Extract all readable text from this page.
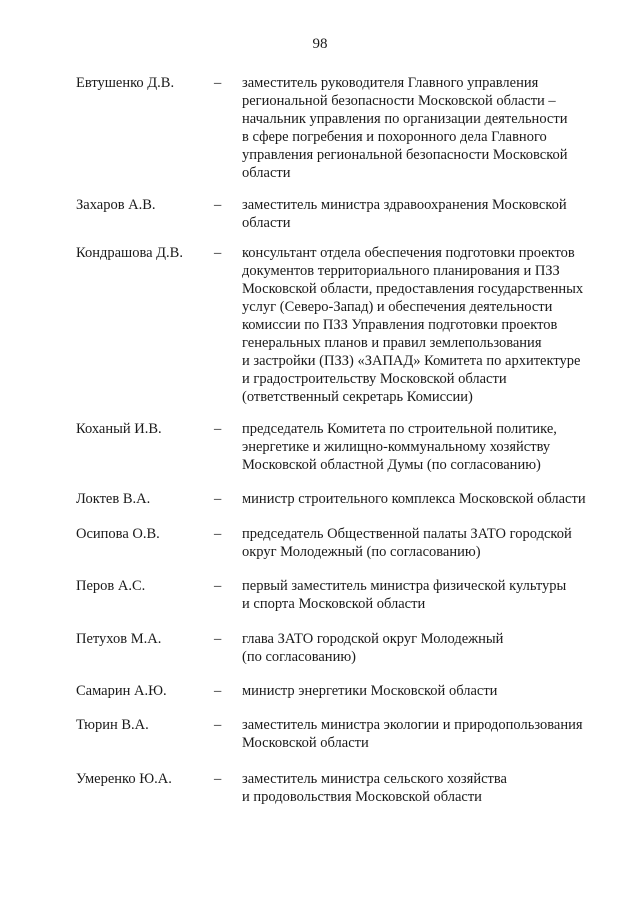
98
Евтушенко Д.В.	– заместитель руководителя Главного управления
региональной безопасности Московской области –
начальник управления по организации деятельности
в сфере погребения и похоронного дела Главного
управления региональной безопасности Московской
области
Захаров А.В.	– заместитель министра здравоохранения Московской
области
Кондрашова Д.В. – консультант отдела обеспечения подготовки проектов
документов территориального планирования и ПЗЗ
Московской области, предоставления государственных
услуг (Северо-Запад) и обеспечения деятельности
комиссии по ПЗЗ Управления подготовки проектов
генеральных планов и правил землепользования
и застройки (ПЗЗ) «ЗАПАД» Комитета по архитектуре
и градостроительству Московской области
(ответственный секретарь Комиссии)
Коханый И.В.	– председатель Комитета по строительной политике,
энергетике и жилищно-коммунальному хозяйству
Московской областной Думы (по согласованию)
Локтев В.А.	– министр строительного комплекса Московской области
Осипова О.В.	– председатель Общественной палаты ЗАТО городской
округ Молодежный (по согласованию)
Перов А.С.	– первый заместитель министра физической культуры
и спорта Московской области
Петухов М.А.	– глава ЗАТО городской округ Молодежный
(по согласованию)
Самарин А.Ю.	– министр энергетики Московской области
Тюрин В.А.	– заместитель министра экологии и природопользования
Московской области
Умеренко Ю.А.	– заместитель министра сельского хозяйства
и продовольствия Московской области
